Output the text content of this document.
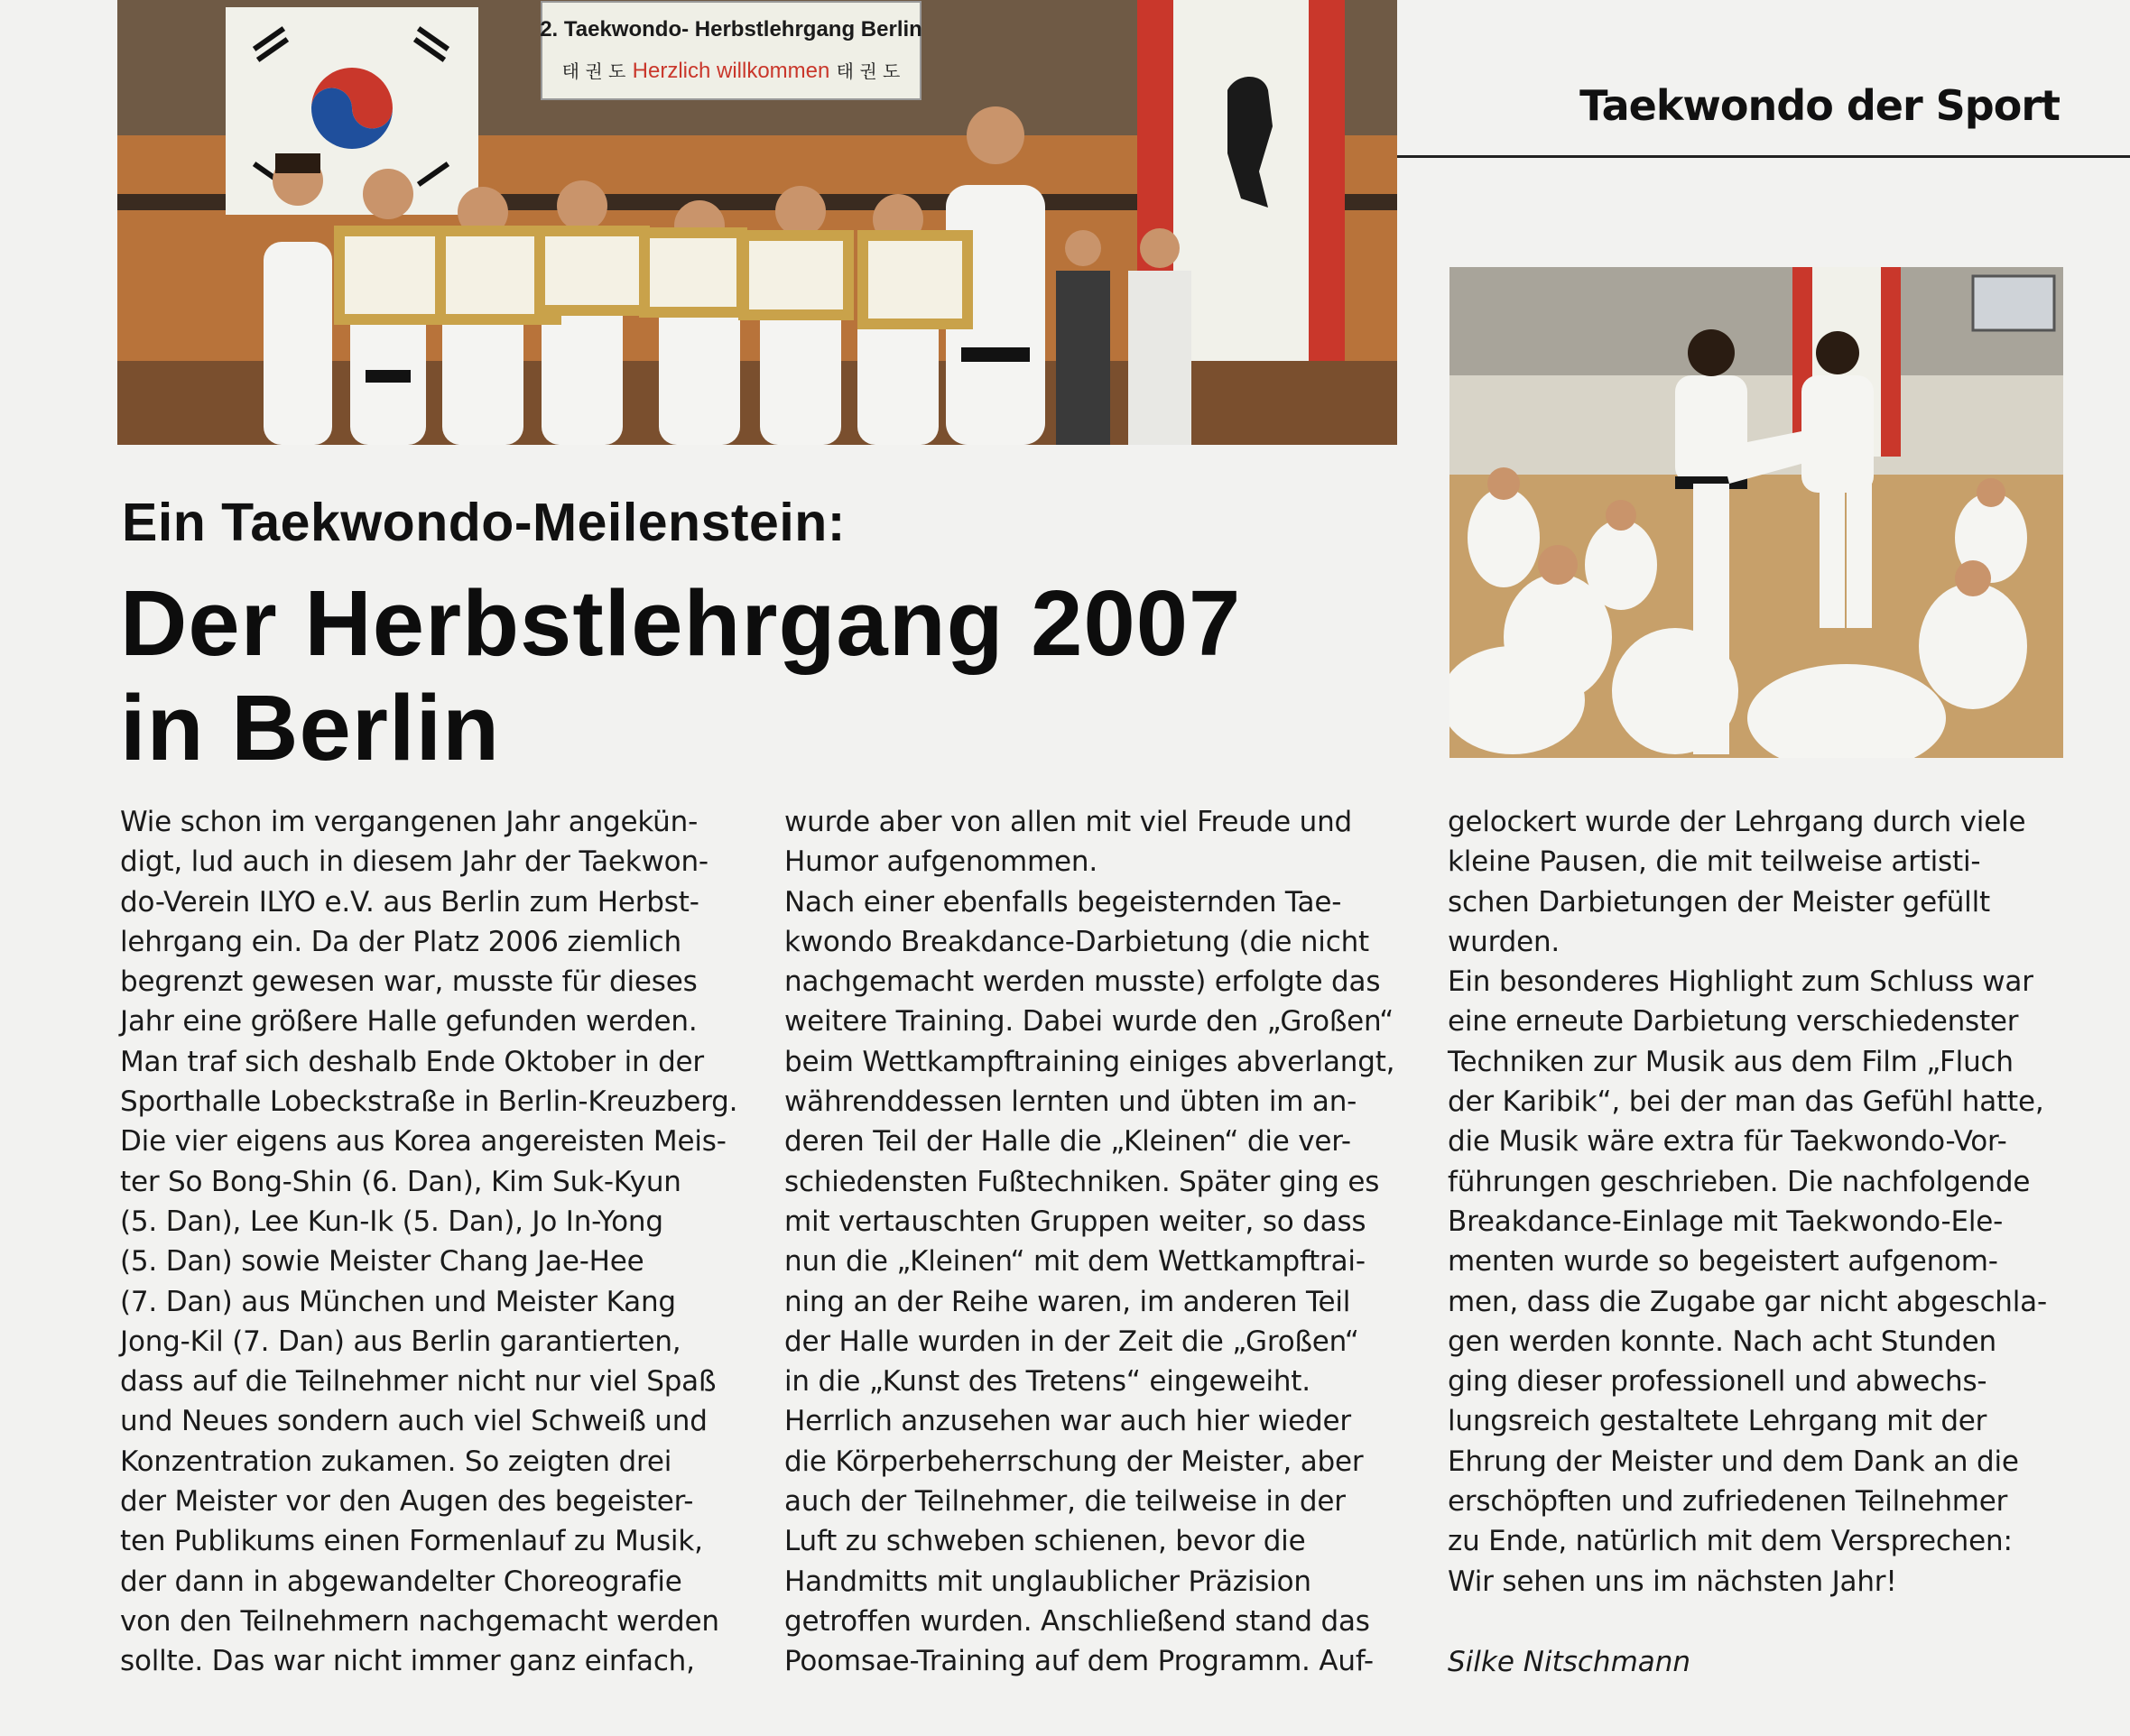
Taekwondo der Sport
2. Taekwondo- Herbstlehrgang Berlin
태 권 도 Herzlich willkommen 태 권 도
Ein Taekwondo-Meilenstein:
Der Herbstlehrgang 2007
in Berlin
Wie schon im vergangenen Jahr angekün-
digt, lud auch in diesem Jahr der Taekwon-
do-Verein ILYO e.V. aus Berlin zum Herbst-
lehrgang ein. Da der Platz 2006 ziemlich
begrenzt gewesen war, musste für dieses
Jahr eine größere Halle gefunden werden.
Man traf sich deshalb Ende Oktober in der
Sporthalle Lobeckstraße in Berlin-Kreuzberg.
Die vier eigens aus Korea angereisten Meis-
ter So Bong-Shin (6. Dan), Kim Suk-Kyun
(5. Dan), Lee Kun-Ik (5. Dan), Jo In-Yong
(5. Dan) sowie Meister Chang Jae-Hee
(7. Dan) aus München und Meister Kang
Jong-Kil (7. Dan) aus Berlin garantierten,
dass auf die Teilnehmer nicht nur viel Spaß
und Neues sondern auch viel Schweiß und
Konzentration zukamen. So zeigten drei
der Meister vor den Augen des begeister-
ten Publikums einen Formenlauf zu Musik,
der dann in abgewandelter Choreografie
von den Teilnehmern nachgemacht werden
sollte. Das war nicht immer ganz einfach,
wurde aber von allen mit viel Freude und
Humor aufgenommen.
Nach einer ebenfalls begeisternden Tae-
kwondo Breakdance-Darbietung (die nicht
nachgemacht werden musste) erfolgte das
weitere Training. Dabei wurde den „Großen“
beim Wettkampftraining einiges abverlangt,
währenddessen lernten und übten im an-
deren Teil der Halle die „Kleinen“ die ver-
schiedensten Fußtechniken. Später ging es
mit vertauschten Gruppen weiter, so dass
nun die „Kleinen“ mit dem Wettkampftrai-
ning an der Reihe waren, im anderen Teil
der Halle wurden in der Zeit die „Großen“
in die „Kunst des Tretens“ eingeweiht.
Herrlich anzusehen war auch hier wieder
die Körperbeherrschung der Meister, aber
auch der Teilnehmer, die teilweise in der
Luft zu schweben schienen, bevor die
Handmitts mit unglaublicher Präzision
getroffen wurden. Anschließend stand das
Poomsae-Training auf dem Programm. Auf-
gelockert wurde der Lehrgang durch viele
kleine Pausen, die mit teilweise artisti-
schen Darbietungen der Meister gefüllt
wurden.
Ein besonderes Highlight zum Schluss war
eine erneute Darbietung verschiedenster
Techniken zur Musik aus dem Film „Fluch
der Karibik“, bei der man das Gefühl hatte,
die Musik wäre extra für Taekwondo-Vor-
führungen geschrieben. Die nachfolgende
Breakdance-Einlage mit Taekwondo-Ele-
menten wurde so begeistert aufgenom-
men, dass die Zugabe gar nicht abgeschla-
gen werden konnte. Nach acht Stunden
ging dieser professionell und abwechs-
lungsreich gestaltete Lehrgang mit der
Ehrung der Meister und dem Dank an die
erschöpften und zufriedenen Teilnehmer
zu Ende, natürlich mit dem Versprechen:
Wir sehen uns im nächsten Jahr!
Silke Nitschmann
